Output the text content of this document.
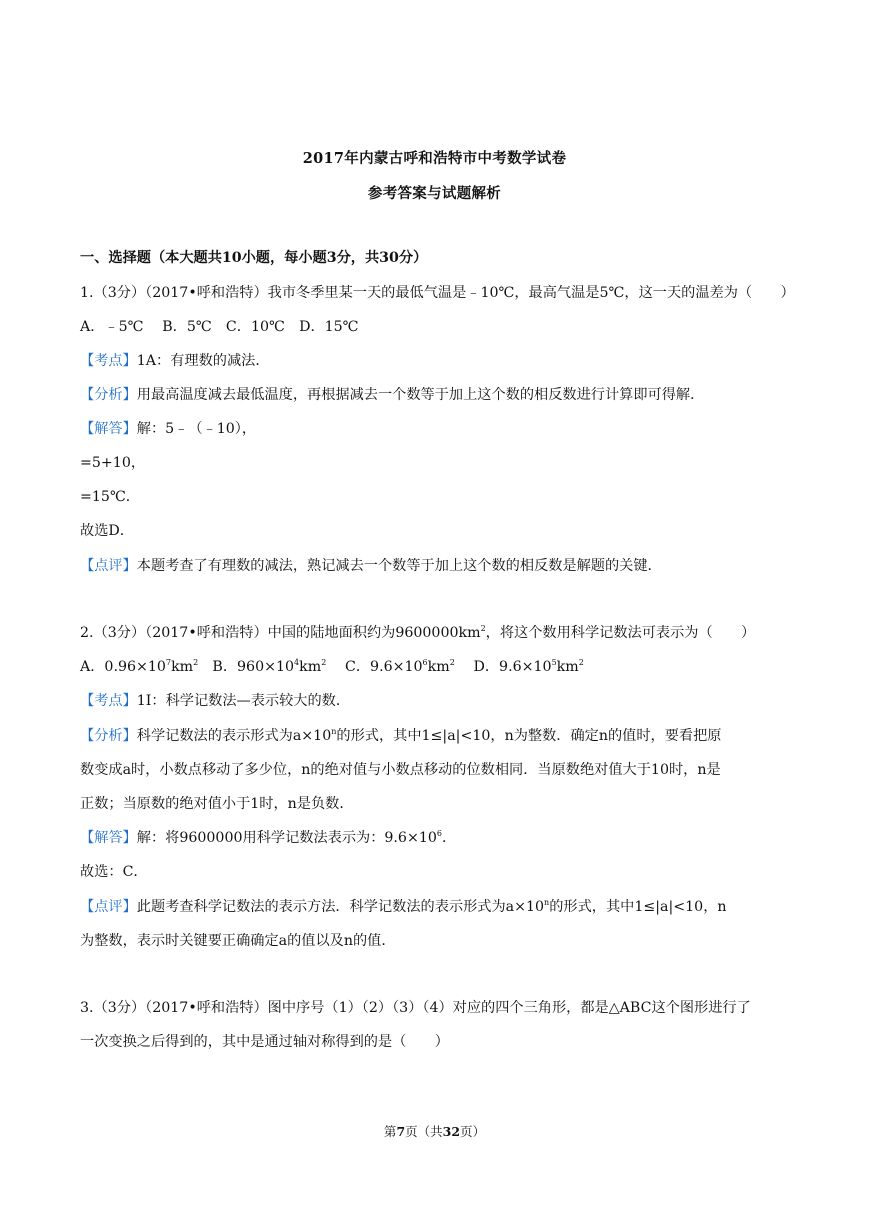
2017年内蒙古呼和浩特市中考数学试卷
参考答案与试题解析
一、选择题（本大题共10小题，每小题3分，共30分）
1.（3分）（2017•呼和浩特）我市冬季里某一天的最低气温是﹣10℃，最高气温是5℃，这一天的温差为（　　）
A．﹣5℃　 B．5℃　C．10℃　D．15℃
【考点】1A：有理数的减法．
【分析】用最高温度减去最低温度，再根据减去一个数等于加上这个数的相反数进行计算即可得解．
【解答】解：5﹣（﹣10），
=5+10，
=15℃．
故选D．
【点评】本题考查了有理数的减法，熟记减去一个数等于加上这个数的相反数是解题的关键．
2.（3分）（2017•呼和浩特）中国的陆地面积约为$9600000km^2$，将这个数用科学记数法可表示为（　　）
A．$0.96\times 10^7km^2$　B．$960\times 10^4km^2$　 C．$9.6\times 10^6km^2$　 D．$9.6\times 10^5km^2$
【考点】1I：科学记数法—表示较大的数．
【分析】科学记数法的表示形式为$a\times 10^n$的形式，其中1≤|a|<10，n为整数．确定n的值时，要看把原
数变成a时，小数点移动了多少位，n的绝对值与小数点移动的位数相同．当原数绝对值大于10时，n是
正数；当原数的绝对值小于1时，n是负数．
【解答】解：将9600000用科学记数法表示为：$9.6\times 10^6$．
故选：C．
【点评】此题考查科学记数法的表示方法．科学记数法的表示形式为$a\times 10^n$的形式，其中1≤|a|<10，n
为整数，表示时关键要正确确定a的值以及n的值．
3.（3分）（2017•呼和浩特）图中序号（1）（2）（3）（4）对应的四个三角形，都是△ABC这个图形进行了
一次变换之后得到的，其中是通过轴对称得到的是（　　）
第7页（共32页）
